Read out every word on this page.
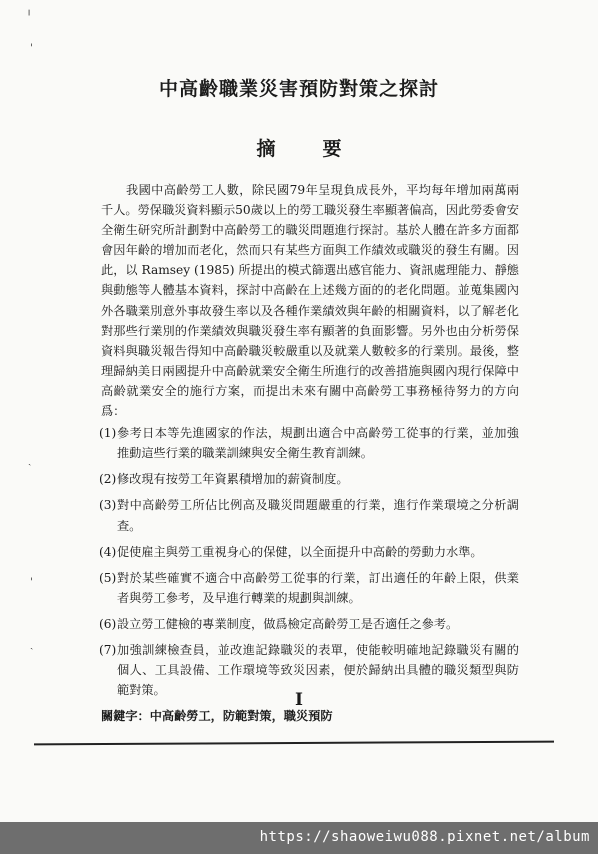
╷
'
ˏ
'
ˏ
中高齡職業災害預防對策之探討
摘　要

我國中高齡勞工人數，除民國79年呈現負成長外，平均每年增加兩萬兩千人。勞保職災資料顯示50歲以上的勞工職災發生率顯著偏高，因此勞委會安全衛生研究所計劃對中高齡勞工的職災問題進行探討。基於人體在許多方面都會因年齡的增加而老化，然而只有某些方面與工作績效或職災的發生有關。因此，以 Ramsey (1985) 所提出的模式篩選出感官能力、資訊處理能力、靜態與動態等人體基本資料，探討中高齡在上述幾方面的的老化問題。並蒐集國內外各職業別意外事故發生率以及各種作業績效與年齡的相關資料，以了解老化對那些行業別的作業績效與職災發生率有顯著的負面影響。另外也由分析勞保資料與職災報告得知中高齡職災較嚴重以及就業人數較多的行業別。最後，整理歸納美日兩國提升中高齡就業安全衛生所進行的改善措施與國內現行保障中高齡就業安全的施行方案，而提出未來有關中高齡勞工事務極待努力的方向爲：

(1) 參考日本等先進國家的作法，規劃出適合中高齡勞工從事的行業，並加強推動這些行業的職業訓練與安全衛生教育訓練。
(2) 修改現有按勞工年資累積增加的薪資制度。
(3) 對中高齡勞工所佔比例高及職災問題嚴重的行業，進行作業環境之分析調查。
(4) 促使雇主與勞工重視身心的保健，以全面提升中高齡的勞動力水準。
(5) 對於某些確實不適合中高齡勞工從事的行業，訂出適任的年齡上限，供業者與勞工參考，及早進行轉業的規劃與訓練。
(6) 設立勞工健檢的專業制度，做爲檢定高齡勞工是否適任之參考。
(7) 加強訓練檢查員，並改進記錄職災的表單，使能較明確地記錄職災有關的個人、工具設備、工作環境等致災因素，便於歸納出具體的職災類型與防範對策。
關鍵字：中高齡勞工，防範對策，職災預防
I
https://shaoweiwu088.pixnet.net/album
